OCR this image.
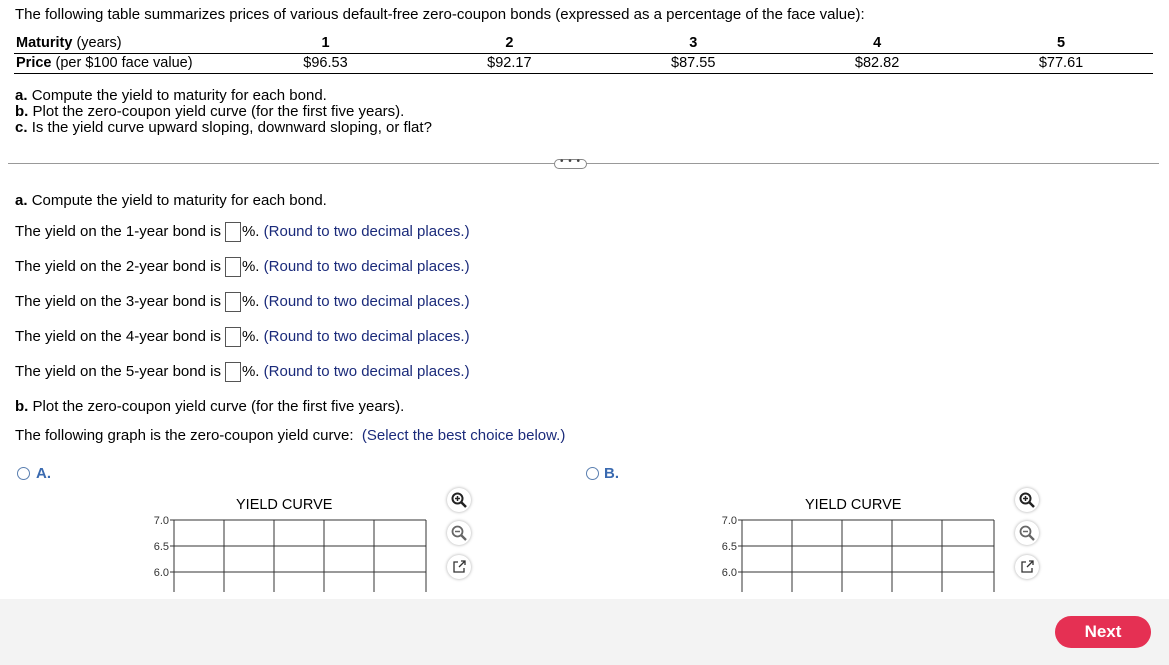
The following table summarizes prices of various default-free zero-coupon bonds (expressed as a percentage of the face value):
Maturity (years)	1	2	3	4	5
Price (per $100 face value)	$96.53	$92.17	$87.55	$82.82	$77.61
a. Compute the yield to maturity for each bond.
b. Plot the zero-coupon yield curve (for the first five years).
c. Is the yield curve upward sloping, downward sloping, or flat?
• • •
a. Compute the yield to maturity for each bond.
The yield on the 1-year bond is %. (Round to two decimal places.)
The yield on the 2-year bond is %. (Round to two decimal places.)
The yield on the 3-year bond is %. (Round to two decimal places.)
The yield on the 4-year bond is %. (Round to two decimal places.)
The yield on the 5-year bond is %. (Round to two decimal places.)
b. Plot the zero-coupon yield curve (for the first five years).
The following graph is the zero-coupon yield curve: (Select the best choice below.)
A.
YIELD CURVE
7.0
6.5
6.0
B.
YIELD CURVE
7.0
6.5
6.0
Next
